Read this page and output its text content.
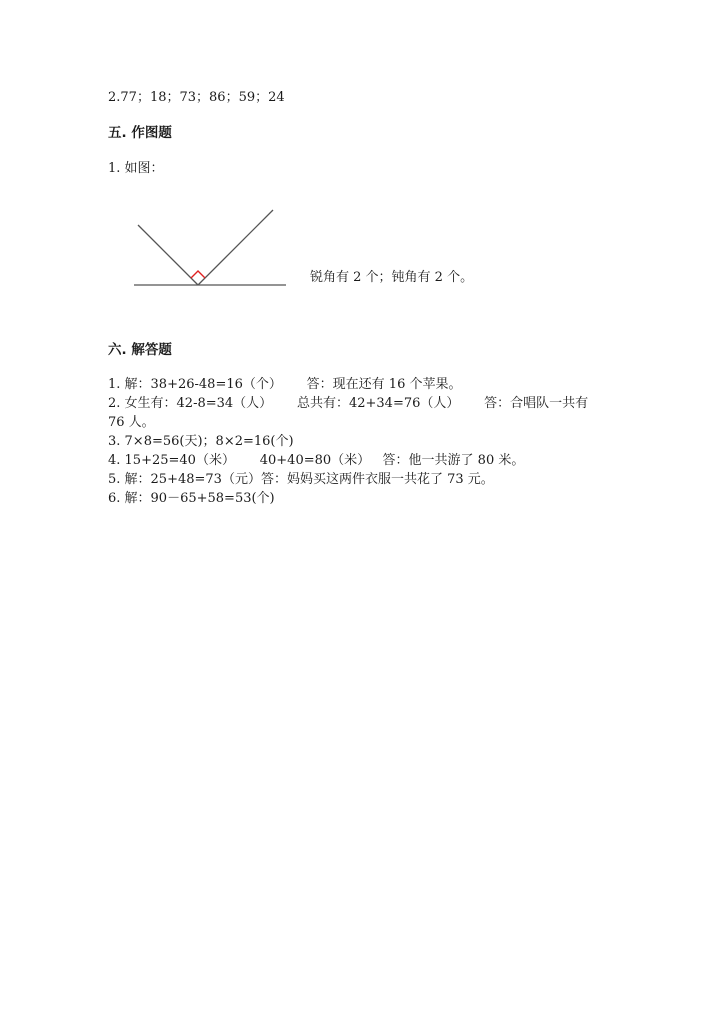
2.77；18；73；86；59；24
五. 作图题
1. 如图：
锐角有 2 个；钝角有 2 个。
六. 解答题
1. 解：38+26-48=16（个）      答：现在还有 16 个苹果。
2. 女生有：42-8=34（人）      总共有：42+34=76（人）      答：合唱队一共有
76 人。
3. 7×8=56(天)；8×2=16(个)
4. 15+25=40（米）      40+40=80（米）   答：他一共游了 80 米。
5. 解：25+48=73（元）答：妈妈买这两件衣服一共花了 73 元。
6. 解：90－65+58=53(个)
